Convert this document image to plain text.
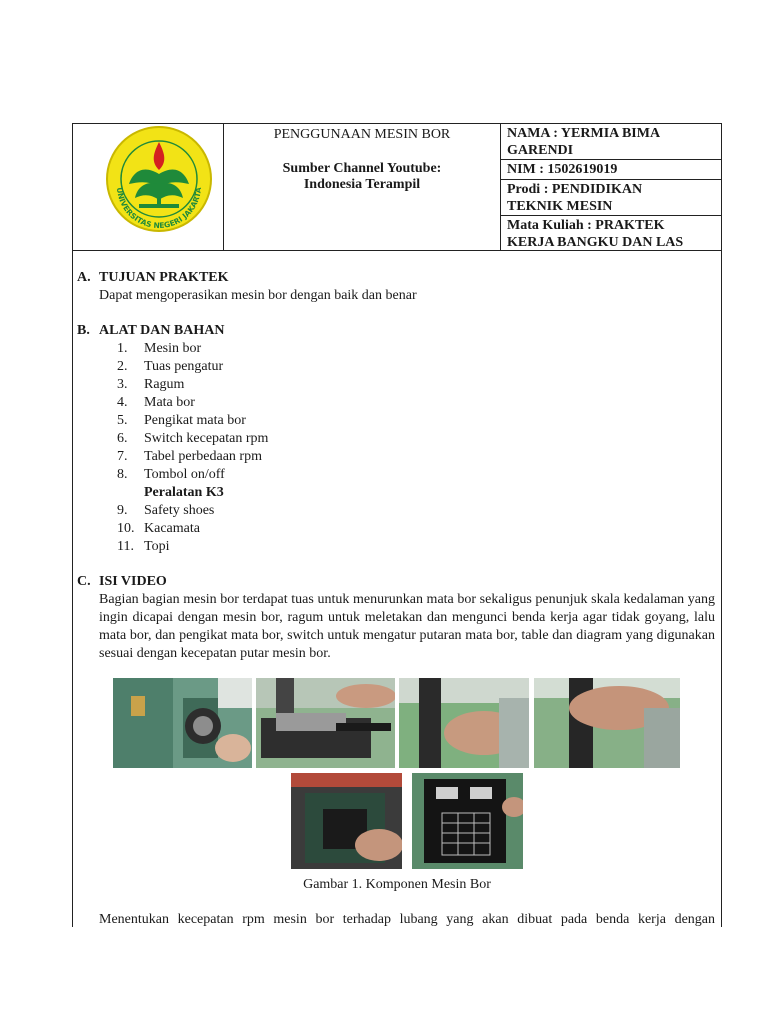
UNIVERSITAS NEGERI JAKARTA
PENGGUNAAN MESIN BOR
Sumber Channel Youtube:
Indonesia Terampil
NAMA : YERMIA BIMA
GARENDI
NIM : 1502619019
Prodi : PENDIDIKAN
TEKNIK MESIN
Mata Kuliah : PRAKTEK
KERJA BANGKU DAN LAS
A. TUJUAN PRAKTEK
Dapat mengoperasikan mesin bor dengan baik dan benar
B. ALAT DAN BAHAN
1. Mesin bor
2. Tuas pengatur
3. Ragum
4. Mata bor
5. Pengikat mata bor
6. Switch kecepatan rpm
7. Tabel perbedaan rpm
8. Tombol on/off
Peralatan K3
9. Safety shoes
10. Kacamata
11. Topi
C. ISI VIDEO
Bagian bagian mesin bor terdapat tuas untuk menurunkan mata bor sekaligus penunjuk skala kedalaman yang ingin dicapai dengan mesin bor, ragum untuk meletakan dan mengunci benda kerja agar tidak goyang, lalu mata bor, dan pengikat mata bor, switch untuk mengatur putaran mata bor, table dan diagram yang digunakan sesuai dengan kecepatan putar mesin bor.
Gambar 1. Komponen Mesin Bor
Menentukan kecepatan rpm mesin bor terhadap lubang yang akan dibuat pada benda kerja dengan
